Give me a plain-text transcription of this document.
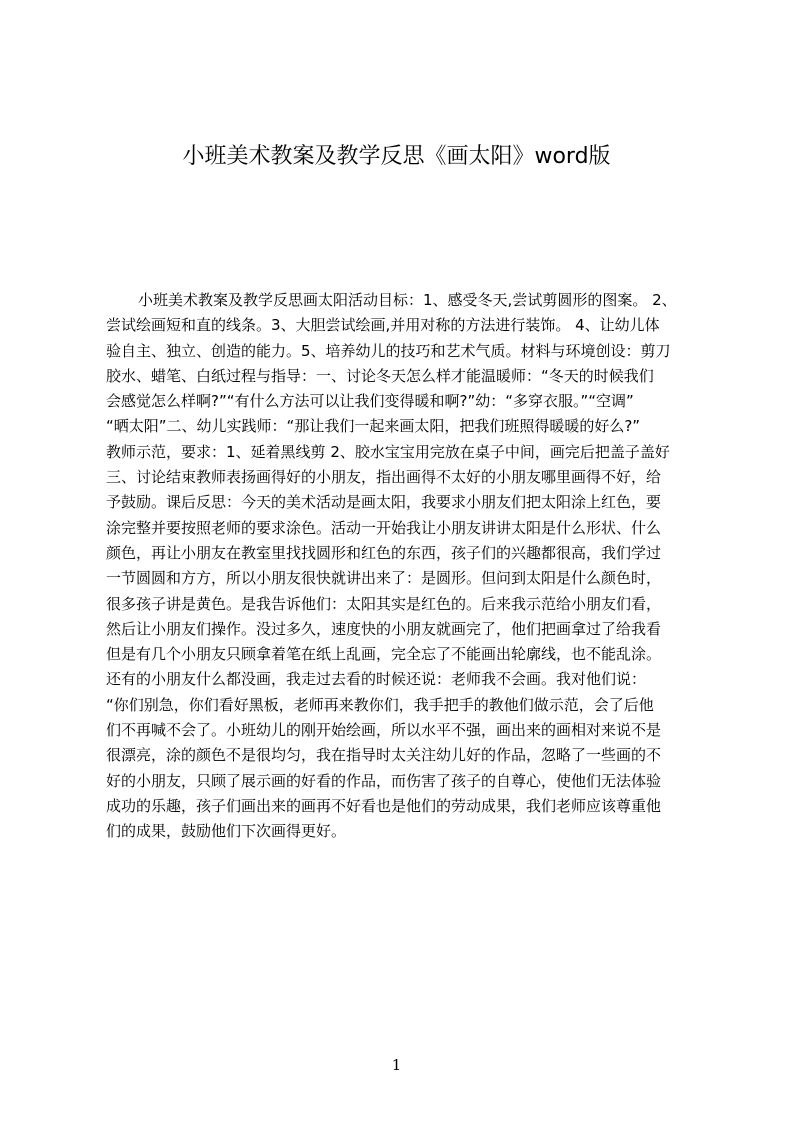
小班美术教案及教学反思《画太阳》word版
小班美术教案及教学反思画太阳活动目标：1、感受冬天,尝试剪圆形的图案。 2、
尝试绘画短和直的线条。3、大胆尝试绘画,并用对称的方法进行装饰。 4、让幼儿体
验自主、独立、创造的能力。5、培养幼儿的技巧和艺术气质。材料与环境创设：剪刀
胶水、蜡笔、白纸过程与指导：一、讨论冬天怎么样才能温暖师：“冬天的时候我们
会感觉怎么样啊?”“有什么方法可以让我们变得暖和啊?”幼：“多穿衣服。”“空调”
“晒太阳”二、幼儿实践师：“那让我们一起来画太阳，把我们班照得暖暖的好么?”
教师示范，要求：1、延着黑线剪 2、胶水宝宝用完放在桌子中间，画完后把盖子盖好
三、讨论结束教师表扬画得好的小朋友，指出画得不太好的小朋友哪里画得不好，给
予鼓励。课后反思：今天的美术活动是画太阳，我要求小朋友们把太阳涂上红色，要
涂完整并要按照老师的要求涂色。活动一开始我让小朋友讲讲太阳是什么形状、什么
颜色，再让小朋友在教室里找找圆形和红色的东西，孩子们的兴趣都很高，我们学过
一节圆圆和方方，所以小朋友很快就讲出来了：是圆形。但问到太阳是什么颜色时，
很多孩子讲是黄色。是我告诉他们：太阳其实是红色的。后来我示范给小朋友们看，
然后让小朋友们操作。没过多久，速度快的小朋友就画完了，他们把画拿过了给我看
但是有几个小朋友只顾拿着笔在纸上乱画，完全忘了不能画出轮廓线，也不能乱涂。
还有的小朋友什么都没画，我走过去看的时候还说：老师我不会画。我对他们说：
“你们别急，你们看好黑板，老师再来教你们，我手把手的教他们做示范，会了后他
们不再喊不会了。小班幼儿的刚开始绘画，所以水平不强，画出来的画相对来说不是
很漂亮，涂的颜色不是很均匀，我在指导时太关注幼儿好的作品，忽略了一些画的不
好的小朋友，只顾了展示画的好看的作品，而伤害了孩子的自尊心，使他们无法体验
成功的乐趣，孩子们画出来的画再不好看也是他们的劳动成果，我们老师应该尊重他
们的成果，鼓励他们下次画得更好。
1
